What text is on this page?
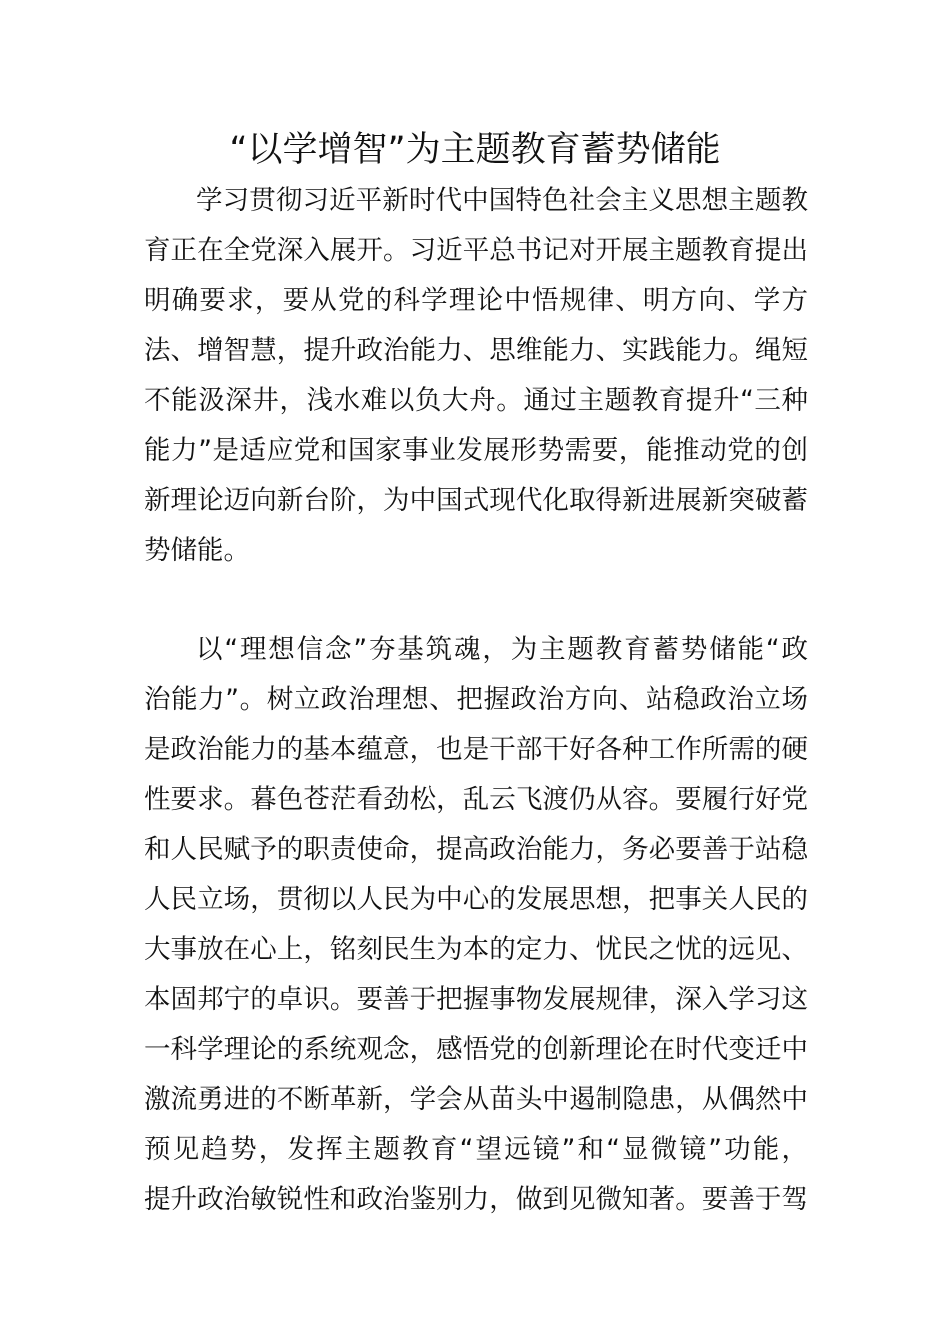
“以学增智”为主题教育蓄势储能

学习贯彻习近平新时代中国特色社会主义思想主题教

育正在全党深入展开。习近平总书记对开展主题教育提出

明确要求，要从党的科学理论中悟规律、明方向、学方

法、增智慧，提升政治能力、思维能力、实践能力。绳短

不能汲深井，浅水难以负大舟。通过主题教育提升“三种

能力”是适应党和国家事业发展形势需要，能推动党的创

新理论迈向新台阶，为中国式现代化取得新进展新突破蓄

势储能。

以“理想信念”夯基筑魂，为主题教育蓄势储能“政

治能力”。树立政治理想、把握政治方向、站稳政治立场

是政治能力的基本蕴意，也是干部干好各种工作所需的硬

性要求。暮色苍茫看劲松，乱云飞渡仍从容。要履行好党

和人民赋予的职责使命，提高政治能力，务必要善于站稳

人民立场，贯彻以人民为中心的发展思想，把事关人民的

大事放在心上，铭刻民生为本的定力、忧民之忧的远见、

本固邦宁的卓识。要善于把握事物发展规律，深入学习这

一科学理论的系统观念，感悟党的创新理论在时代变迁中

激流勇进的不断革新，学会从苗头中遏制隐患，从偶然中

预见趋势，发挥主题教育“望远镜”和“显微镜”功能，

提升政治敏锐性和政治鉴别力，做到见微知著。要善于驾
